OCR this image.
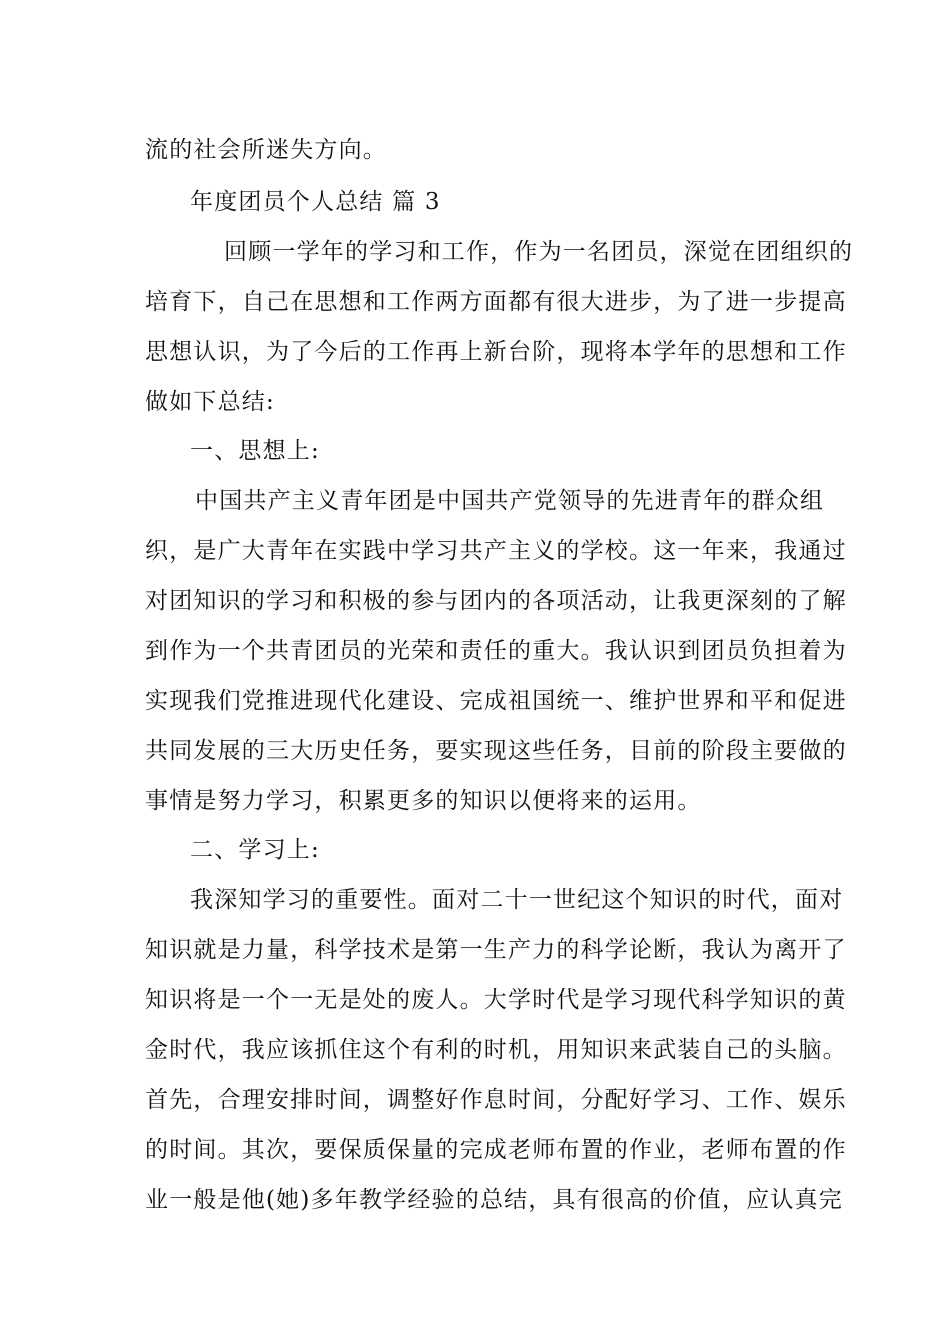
流的社会所迷失方向。
年度团员个人总结 篇 3
回顾一学年的学习和工作，作为一名团员，深觉在团组织的
培育下，自己在思想和工作两方面都有很大进步，为了进一步提高
思想认识，为了今后的工作再上新台阶，现将本学年的思想和工作
做如下总结:
一、思想上:
中国共产主义青年团是中国共产党领导的先进青年的群众组
织，是广大青年在实践中学习共产主义的学校。这一年来，我通过
对团知识的学习和积极的参与团内的各项活动，让我更深刻的了解
到作为一个共青团员的光荣和责任的重大。我认识到团员负担着为
实现我们党推进现代化建设、完成祖国统一、维护世界和平和促进
共同发展的三大历史任务，要实现这些任务，目前的阶段主要做的
事情是努力学习，积累更多的知识以便将来的运用。
二、学习上:
我深知学习的重要性。面对二十一世纪这个知识的时代，面对
知识就是力量，科学技术是第一生产力的科学论断，我认为离开了
知识将是一个一无是处的废人。大学时代是学习现代科学知识的黄
金时代，我应该抓住这个有利的时机，用知识来武装自己的头脑。
首先，合理安排时间，调整好作息时间，分配好学习、工作、娱乐
的时间。其次，要保质保量的完成老师布置的作业，老师布置的作
业一般是他(她)多年教学经验的总结，具有很高的价值，应认真完
